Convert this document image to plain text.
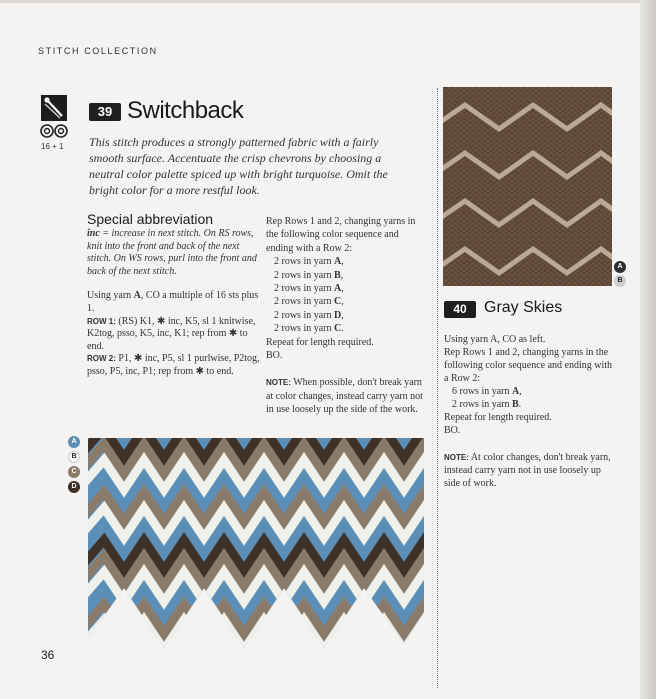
STITCH COLLECTION
16 + 1
39 Switchback
This stitch produces a strongly patterned fabric with a fairly smooth surface. Accentuate the crisp chevrons by choosing a neutral color palette spiced up with bright turquoise. Omit the bright color for a more restful look.
Special abbreviation

inc = increase in next stitch. On RS rows, knit into the front and back of the next stitch. On WS rows, purl into the front and back of the next stitch.

Using yarn A, CO a multiple of 16 sts plus 1.

ROW 1: (RS) K1, ✱ inc, K5, sl 1 knitwise, K2tog, psso, K5, inc, K1; rep from ✱ to end.

ROW 2: P1, ✱ inc, P5, sl 1 purlwise, P2tog, psso, P5, inc, P1; rep from ✱ to end.

Rep Rows 1 and 2, changing yarns in the following color sequence and ending with a Row 2:

2 rows in yarn A,

2 rows in yarn B,

2 rows in yarn A,

2 rows in yarn C,

2 rows in yarn D,

2 rows in yarn C.

Repeat for length required.

BO.

NOTE: When possible, don't break yarn at color changes, instead carry yarn not in use loosely up the side of the work.

A
B
40	Gray Skies

Using yarn A, CO as left.

Rep Rows 1 and 2, changing yarns in the following color sequence and ending with a Row 2:

6 rows in yarn A,

2 rows in yarn B.

Repeat for length required.

BO.

NOTE: At color changes, don't break yarn, instead carry yarn not in use loosely up side of work.

A
B
C
D
36
